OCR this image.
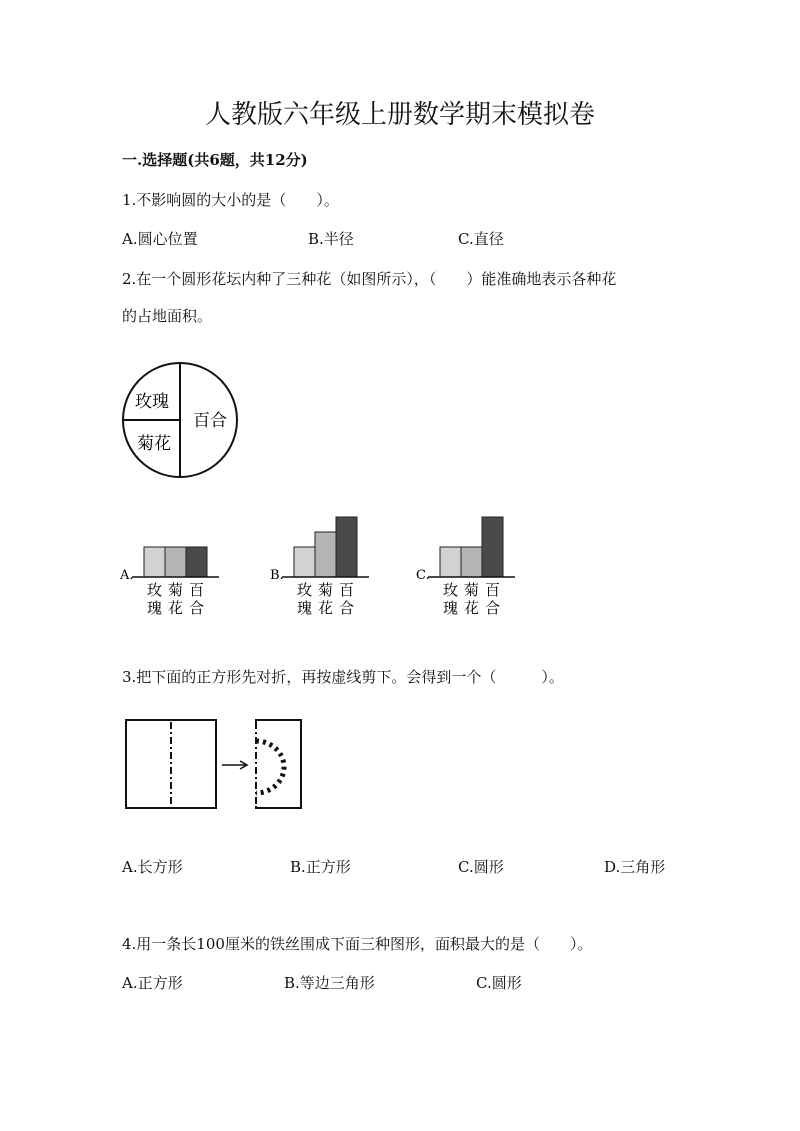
人教版六年级上册数学期末模拟卷
一.选择题(共6题，共12分)
1.不影响圆的大小的是（　　）。
A.圆心位置	B.半径	C.直径
2.在一个圆形花坛内种了三种花（如图所示），（　　）能准确地表示各种花
的占地面积。
玫瑰
菊花
百合
A.
玫
瑰
菊
花
百
合
B.
玫
瑰
菊
花
百
合
C.
玫
瑰
菊
花
百
合
3.把下面的正方形先对折，再按虚线剪下。会得到一个（　　　）。
A.长方形	B.正方形	C.圆形	D.三角形
4.用一条长100厘米的铁丝围成下面三种图形，面积最大的是（　　）。
A.正方形	B.等边三角形	C.圆形
